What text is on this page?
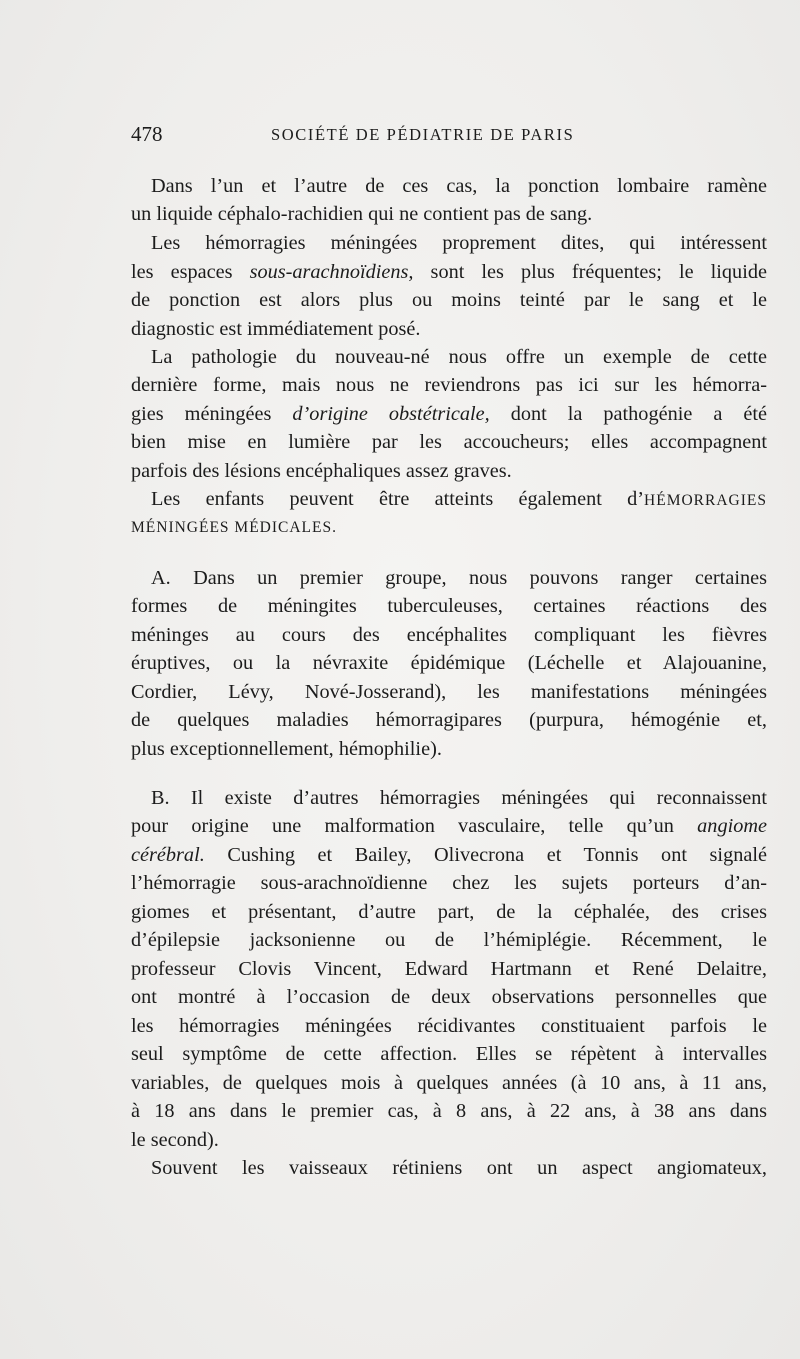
478	SOCIÉTÉ DE PÉDIATRIE DE PARIS
Dans l’un et l’autre de ces cas, la ponction lombaire ramène
un liquide céphalo-rachidien qui ne contient pas de sang.
Les hémorragies méningées proprement dites, qui intéressent
les espaces sous-arachnoïdiens, sont les plus fréquentes; le liquide
de ponction est alors plus ou moins teinté par le sang et le
diagnostic est immédiatement posé.
La pathologie du nouveau-né nous offre un exemple de cette
dernière forme, mais nous ne reviendrons pas ici sur les hémorra-
gies méningées d’origine obstétricale, dont la pathogénie a été
bien mise en lumière par les accoucheurs; elles accompagnent
parfois des lésions encéphaliques assez graves.
Les enfants peuvent être atteints également d’HÉMORRAGIES
MÉNINGÉES MÉDICALES.
A. Dans un premier groupe, nous pouvons ranger certaines
formes de méningites tuberculeuses, certaines réactions des
méninges au cours des encéphalites compliquant les fièvres
éruptives, ou la névraxite épidémique (Léchelle et Alajouanine,
Cordier, Lévy, Nové-Josserand), les manifestations méningées
de quelques maladies hémorragipares (purpura, hémogénie et,
plus exceptionnellement, hémophilie).
B. Il existe d’autres hémorragies méningées qui reconnaissent
pour origine une malformation vasculaire, telle qu’un angiome
cérébral. Cushing et Bailey, Olivecrona et Tonnis ont signalé
l’hémorragie sous-arachnoïdienne chez les sujets porteurs d’an-
giomes et présentant, d’autre part, de la céphalée, des crises
d’épilepsie jacksonienne ou de l’hémiplégie. Récemment, le
professeur Clovis Vincent, Edward Hartmann et René Delaitre,
ont montré à l’occasion de deux observations personnelles que
les hémorragies méningées récidivantes constituaient parfois le
seul symptôme de cette affection. Elles se répètent à intervalles
variables, de quelques mois à quelques années (à 10 ans, à 11 ans,
à 18 ans dans le premier cas, à 8 ans, à 22 ans, à 38 ans dans
le second).
Souvent les vaisseaux rétiniens ont un aspect angiomateux,
